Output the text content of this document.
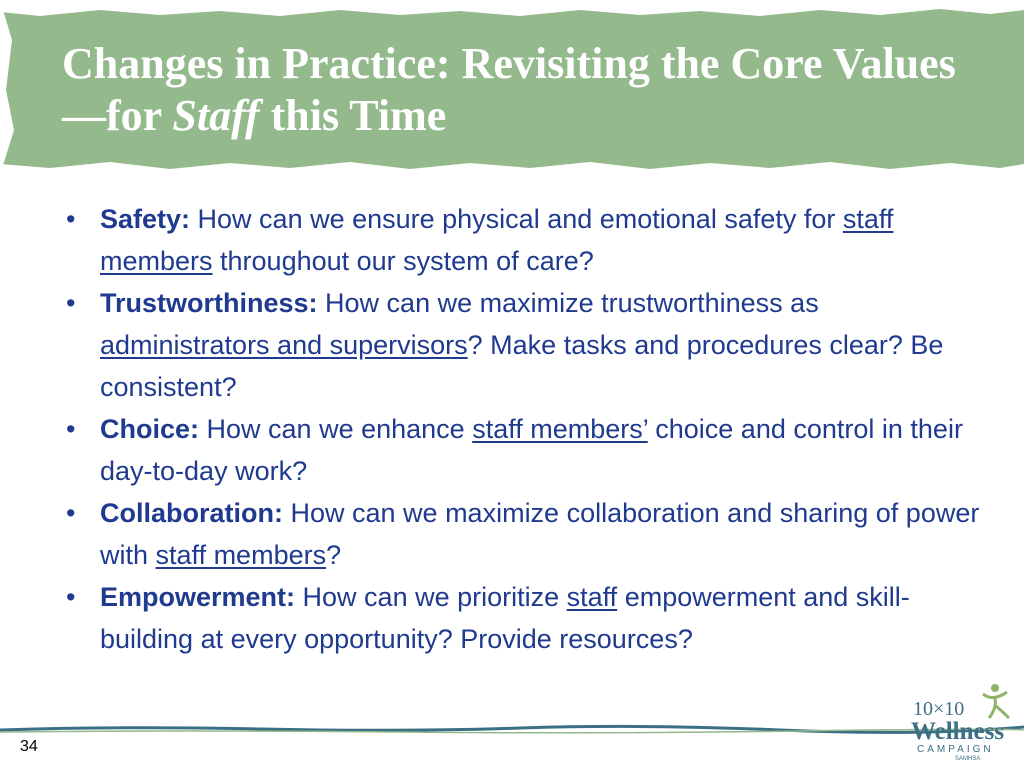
Changes in Practice: Revisiting the Core Values—for Staff this Time
• Safety: How can we ensure physical and emotional safety for staff members throughout our system of care?
• Trustworthiness: How can we maximize trustworthiness as administrators and supervisors? Make tasks and procedures clear? Be consistent?
• Choice: How can we enhance staff members’ choice and control in their day-to-day work?
• Collaboration: How can we maximize collaboration and sharing of power with staff members?
• Empowerment: How can we prioritize staff empowerment and skill-building at every opportunity? Provide resources?
34
10×10
Wellness
CAMPAIGN
SAMHSA
